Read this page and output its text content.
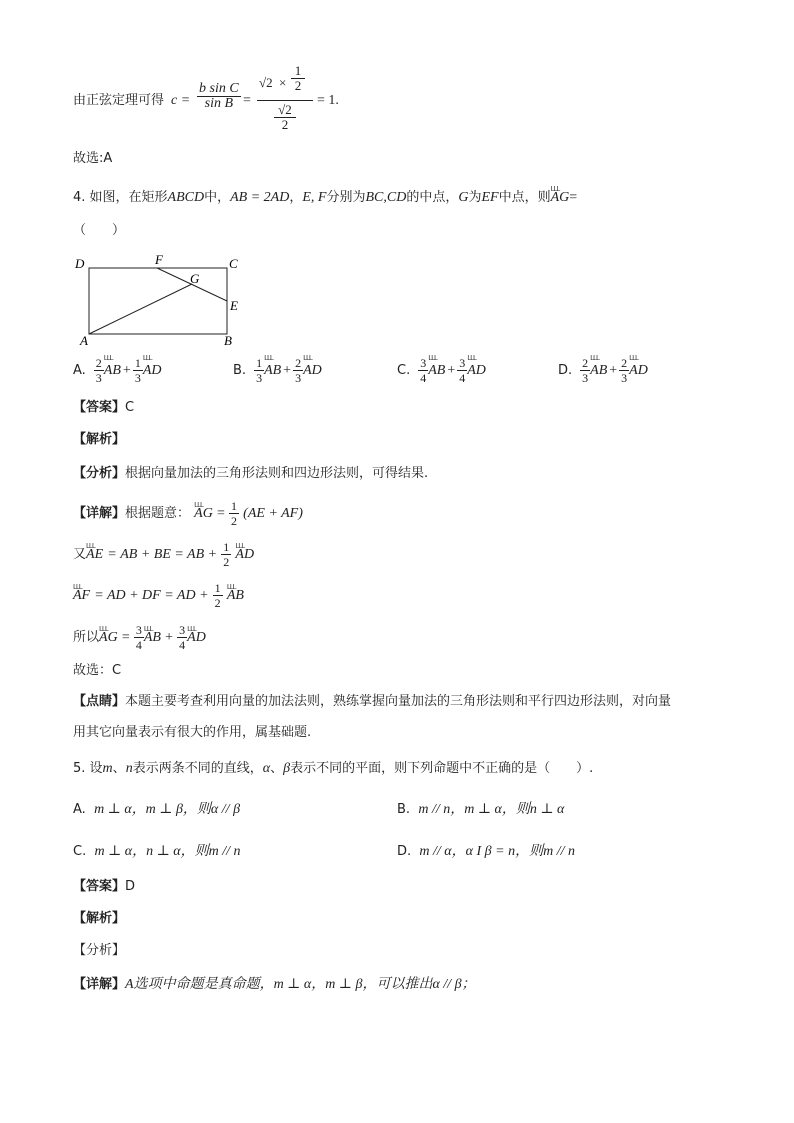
由正弦定理可得 $c = \frac{\text{b sin C}}{\text{sin B}} = √2 \times \frac{1}{2}$
√2
2 = 1.
故选:A
4. 如图，在矩形ABCD中，AB = 2AD，E, F分别为BC,CD的中点，G为EF中点，则ꓡꓡꓡ AG=
（　　）
D	F	C
G
E
A	B
A. $\frac{2}{3}$ ꓡꓡꓡ AB + $\frac{1}{3}$ ꓡꓡꓡ AD	B. $\frac{1}{3}$ ꓡꓡꓡ AB + $\frac{2}{3}$ ꓡꓡꓡ AD	C. $\frac{3}{4}$ ꓡꓡꓡ AB + $\frac{3}{4}$ ꓡꓡꓡ AD	D. $\frac{2}{3}$ ꓡꓡꓡ AB + $\frac{2}{3}$ ꓡꓡꓡ AD
【答案】C
【解析】
【分析】根据向量加法的三角形法则和四边形法则，可得结果.
【详解】根据题意： ꓡꓡꓡ AG = $\frac{1}{2} (AE + AF)$
又ꓡꓡꓡ AE = AB + BE = AB + $\frac{1}{2}$ ꓡꓡꓡ AD
ꓡꓡꓡ AF = AD + DF = AD + $\frac{1}{2}$ ꓡꓡꓡ AB
所以ꓡꓡꓡ AG = $\frac{3}{4}$ ꓡꓡꓡ AB + $\frac{3}{4}$ ꓡꓡꓡ AD
故选：C
【点睛】本题主要考查利用向量的加法法则，熟练掌握向量加法的三角形法则和平行四边形法则，对向量
用其它向量表示有很大的作用，属基础题.
5. 设m、n表示两条不同的直线，α、β表示不同的平面，则下列命题中不正确的是（　　）.
A. m ⊥ α，m ⊥ β，则α // β	B. m // n，m ⊥ α，则n ⊥ α
C. m ⊥ α，n ⊥ α，则m // n	D. m // α，α I β = n，则m // n
【答案】D
【解析】
【分析】
【详解】A选项中命题是真命题，m ⊥ α，m ⊥ β，可以推出α // β；
